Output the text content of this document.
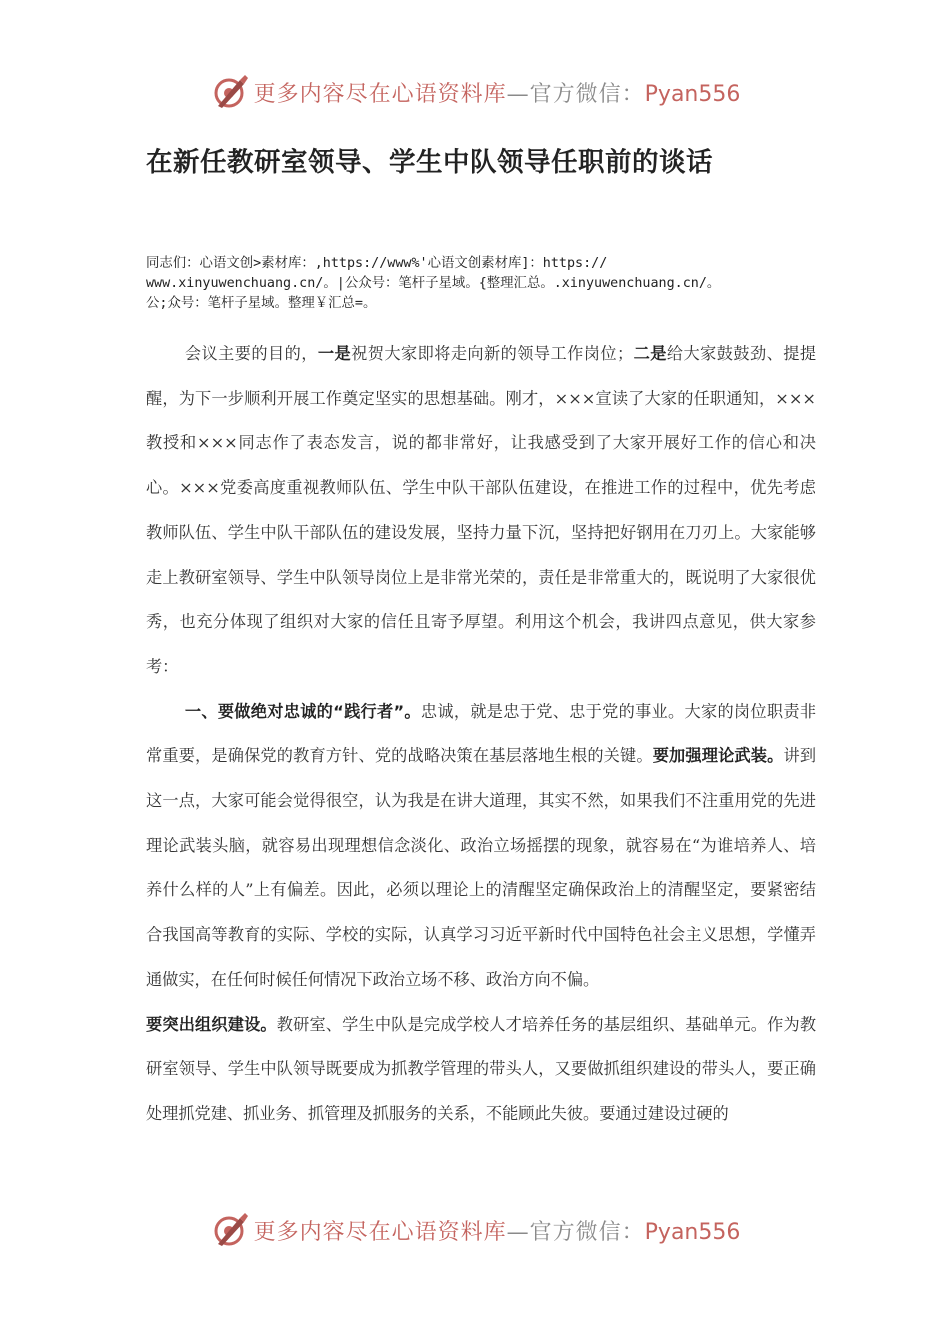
更多内容尽在心语资料库—官方微信：Pyan556
在新任教研室领导、学生中队领导任职前的谈话
同志们：心语文创>素材库：,https://www%'心语文创素材库]：https://
www.xinyuwenchuang.cn/。|公众号：笔杆子星域。{整理汇总。.xinyuwenchuang.cn/。
公;众号：笔杆子星域。整理￥汇总=。

会议主要的目的，一是祝贺大家即将走向新的领导工作岗位；二是给大家鼓鼓劲、提提醒，为下一步顺利开展工作奠定坚实的思想基础。刚才，×××宣读了大家的任职通知，×××教授和×××同志作了表态发言，说的都非常好，让我感受到了大家开展好工作的信心和决心。×××党委高度重视教师队伍、学生中队干部队伍建设，在推进工作的过程中，优先考虑教师队伍、学生中队干部队伍的建设发展，坚持力量下沉，坚持把好钢用在刀刃上。大家能够走上教研室领导、学生中队领导岗位上是非常光荣的，责任是非常重大的，既说明了大家很优秀，也充分体现了组织对大家的信任且寄予厚望。利用这个机会，我讲四点意见，供大家参考：

一、要做绝对忠诚的“践行者”。忠诚，就是忠于党、忠于党的事业。大家的岗位职责非常重要，是确保党的教育方针、党的战略决策在基层落地生根的关键。要加强理论武装。讲到这一点，大家可能会觉得很空，认为我是在讲大道理，其实不然，如果我们不注重用党的先进理论武装头脑，就容易出现理想信念淡化、政治立场摇摆的现象，就容易在“为谁培养人、培养什么样的人”上有偏差。因此，必须以理论上的清醒坚定确保政治上的清醒坚定，要紧密结合我国高等教育的实际、学校的实际，认真学习习近平新时代中国特色社会主义思想，学懂弄通做实，在任何时候任何情况下政治立场不移、政治方向不偏。

要突出组织建设。教研室、学生中队是完成学校人才培养任务的基层组织、基础单元。作为教研室领导、学生中队领导既要成为抓教学管理的带头人，又要做抓组织建设的带头人，要正确处理抓党建、抓业务、抓管理及抓服务的关系，不能顾此失彼。要通过建设过硬的

更多内容尽在心语资料库—官方微信：Pyan556
